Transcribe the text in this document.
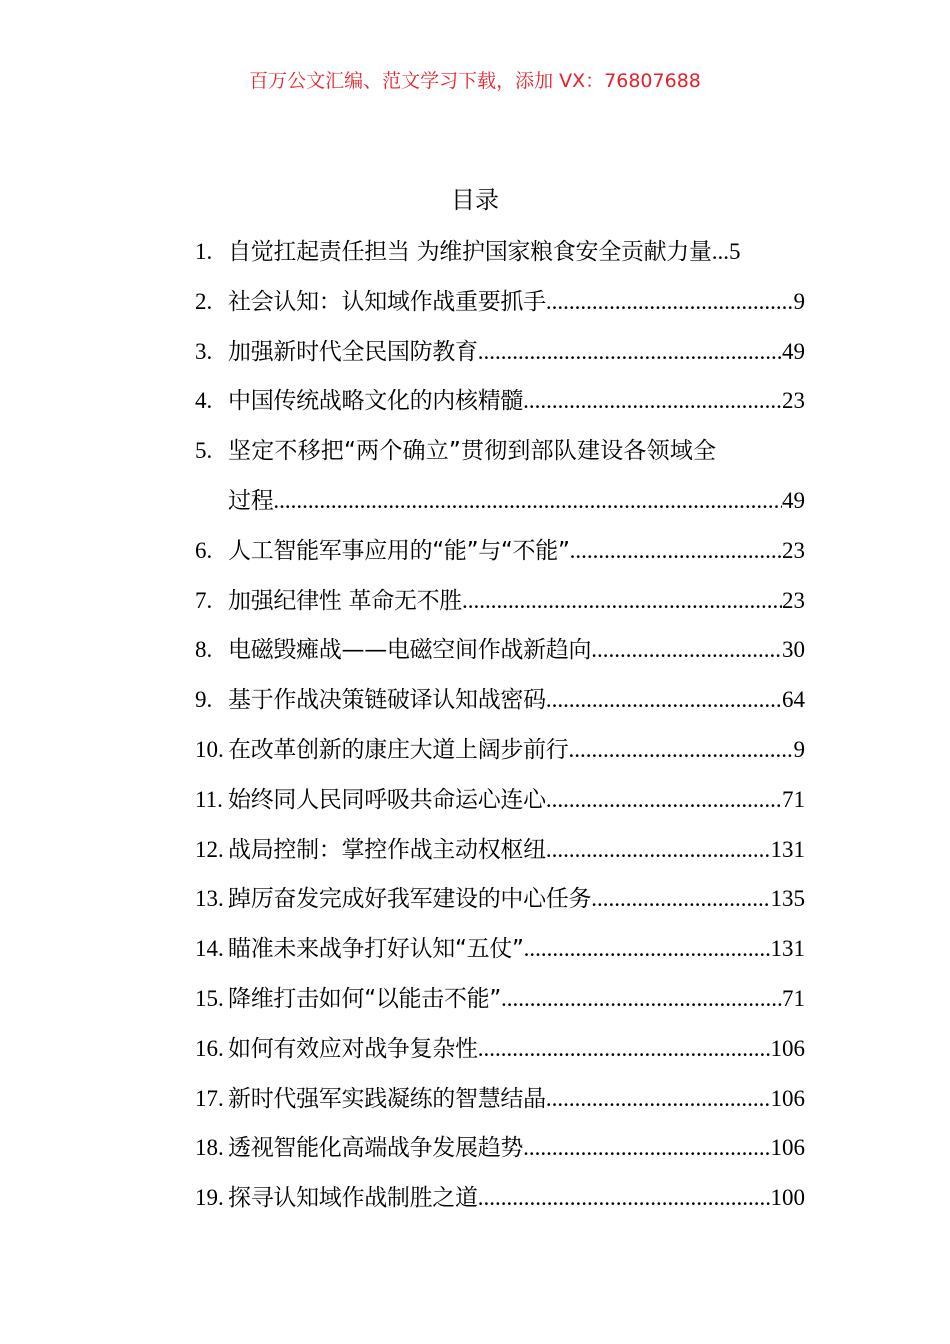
百万公文汇编、范文学习下载，添加 VX：76807688
目录
1. 自觉扛起责任担当 为维护国家粮食安全贡献力量 ... 5
2. 社会认知：认知域作战重要抓手 .....	9
3. 加强新时代全民国防教育 .....	49
4. 中国传统战略文化的内核精髓 .....	23
5. 坚定不移把“两个确立”贯彻到部队建设各领域全
过程 .....	49
6. 人工智能军事应用的“能”与“不能” .....	23
7. 加强纪律性 革命无不胜 .....	23
8. 电磁毁瘫战——电磁空间作战新趋向 .....	30
9. 基于作战决策链破译认知战密码 .....	64
10. 在改革创新的康庄大道上阔步前行 .....	9
11. 始终同人民同呼吸共命运心连心 .....	71
12. 战局控制：掌控作战主动权枢纽 .....	131
13. 踔厉奋发完成好我军建设的中心任务 .....	135
14. 瞄准未来战争打好认知“五仗” .....	131
15. 降维打击如何“以能击不能” .....	71
16. 如何有效应对战争复杂性 .....	106
17. 新时代强军实践凝练的智慧结晶 .....	106
18. 透视智能化高端战争发展趋势 .....	106
19. 探寻认知域作战制胜之道 .....	100
